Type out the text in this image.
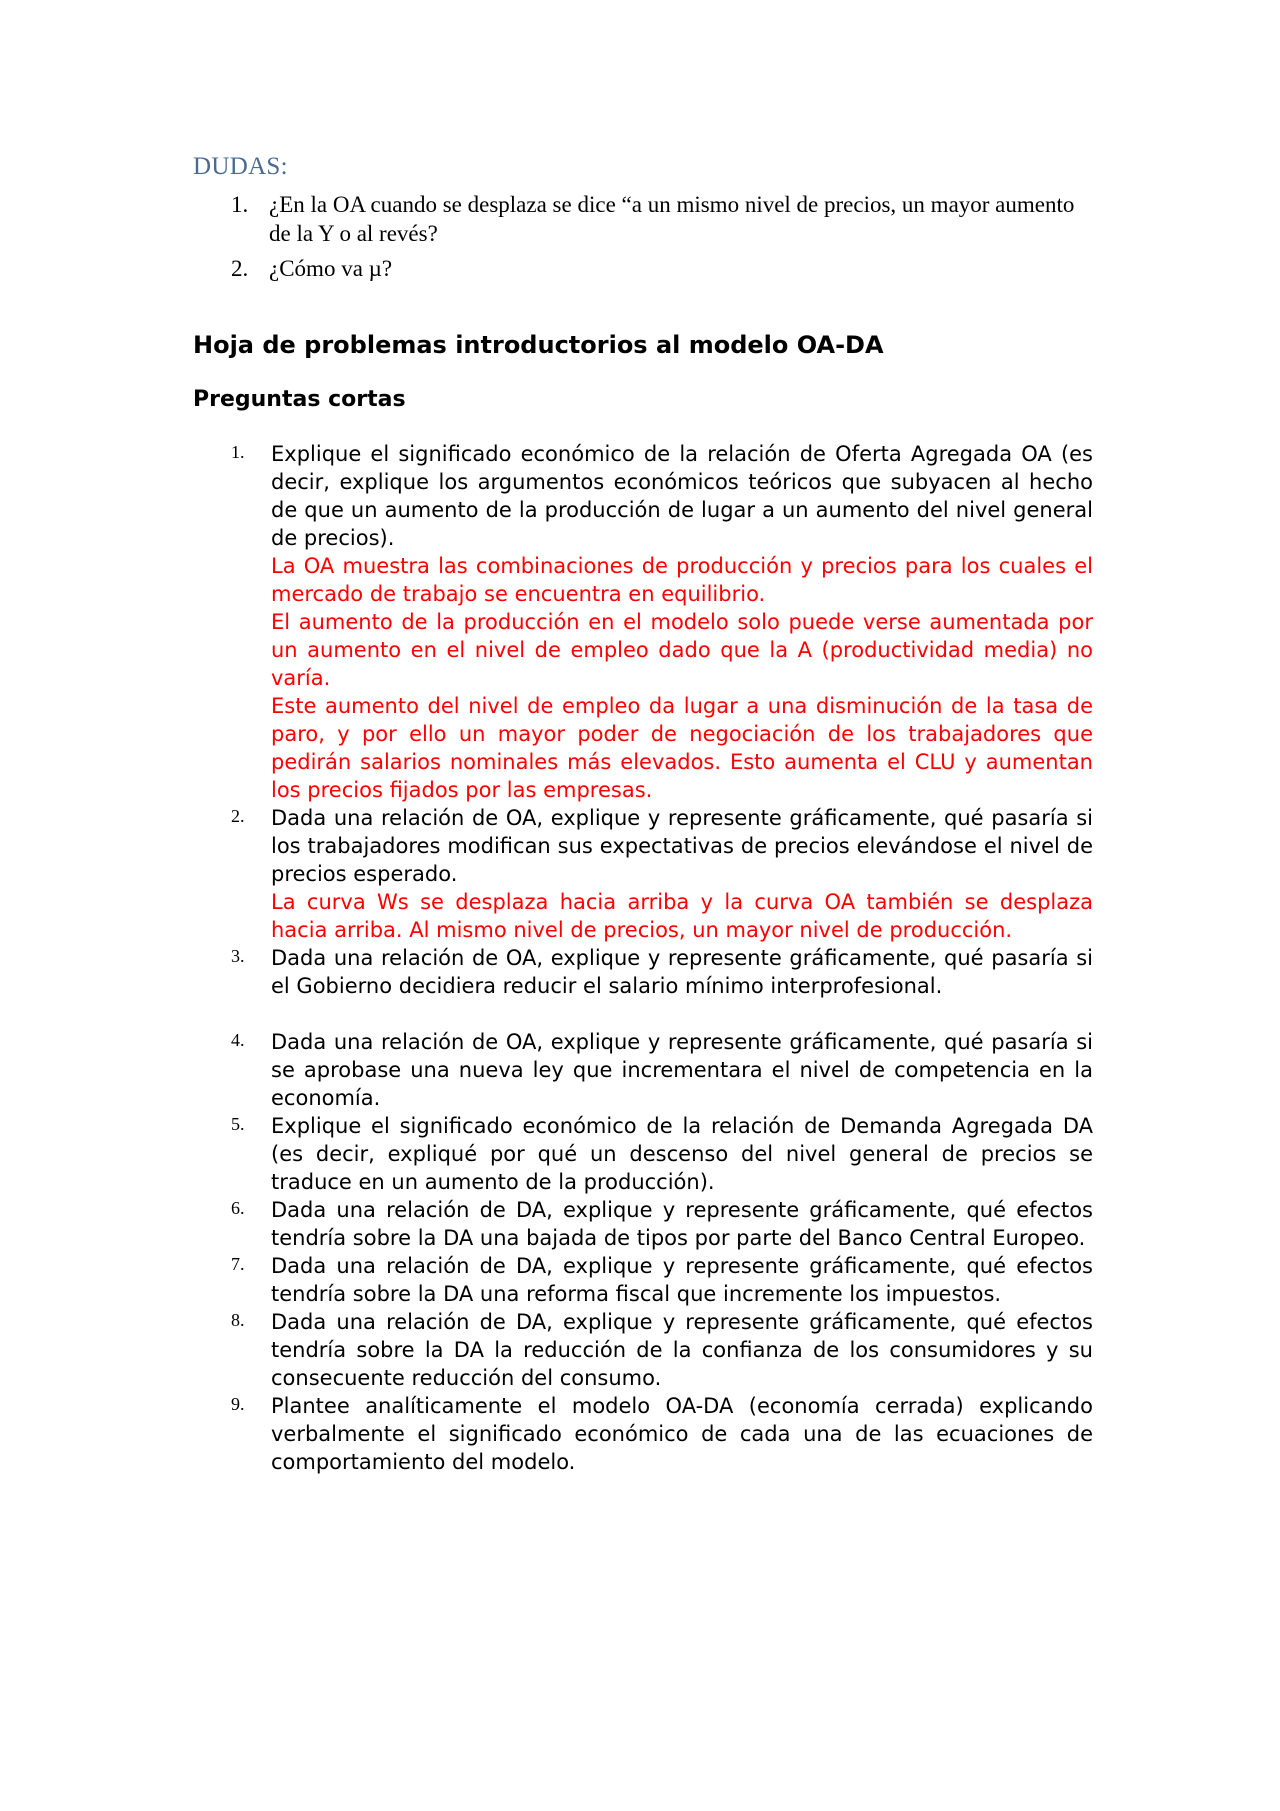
DUDAS:
1. ¿En la OA cuando se desplaza se dice “a un mismo nivel de precios, un mayor aumento de la Y o al revés?
2. ¿Cómo va µ?
Hoja de problemas introductorios al modelo OA-DA
Preguntas cortas
1. Explique el significado económico de la relación de Oferta Agregada OA (es decir, explique los argumentos económicos teóricos que subyacen al hecho de que un aumento de la producción de lugar a un aumento del nivel general de precios).
La OA muestra las combinaciones de producción y precios para los cuales el mercado de trabajo se encuentra en equilibrio.
El aumento de la producción en el modelo solo puede verse aumentada por un aumento en el nivel de empleo dado que la A (productividad media) no varía.
Este aumento del nivel de empleo da lugar a una disminución de la tasa de paro, y por ello un mayor poder de negociación de los trabajadores que pedirán salarios nominales más elevados. Esto aumenta el CLU y aumentan los precios fijados por las empresas.
2. Dada una relación de OA, explique y represente gráficamente, qué pasaría si los trabajadores modifican sus expectativas de precios elevándose el nivel de precios esperado.
La curva Ws se desplaza hacia arriba y la curva OA también se desplaza hacia arriba. Al mismo nivel de precios, un mayor nivel de producción.
3. Dada una relación de OA, explique y represente gráficamente, qué pasaría si el Gobierno decidiera reducir el salario mínimo interprofesional.
4. Dada una relación de OA, explique y represente gráficamente, qué pasaría si se aprobase una nueva ley que incrementara el nivel de competencia en la economía.
5. Explique el significado económico de la relación de Demanda Agregada DA (es decir, expliqué por qué un descenso del nivel general de precios se traduce en un aumento de la producción).
6. Dada una relación de DA, explique y represente gráficamente, qué efectos tendría sobre la DA una bajada de tipos por parte del Banco Central Europeo.
7. Dada una relación de DA, explique y represente gráficamente, qué efectos tendría sobre la DA una reforma fiscal que incremente los impuestos.
8. Dada una relación de DA, explique y represente gráficamente, qué efectos tendría sobre la DA la reducción de la confianza de los consumidores y su consecuente reducción del consumo.
9. Plantee analíticamente el modelo OA-DA (economía cerrada) explicando verbalmente el significado económico de cada una de las ecuaciones de comportamiento del modelo.
